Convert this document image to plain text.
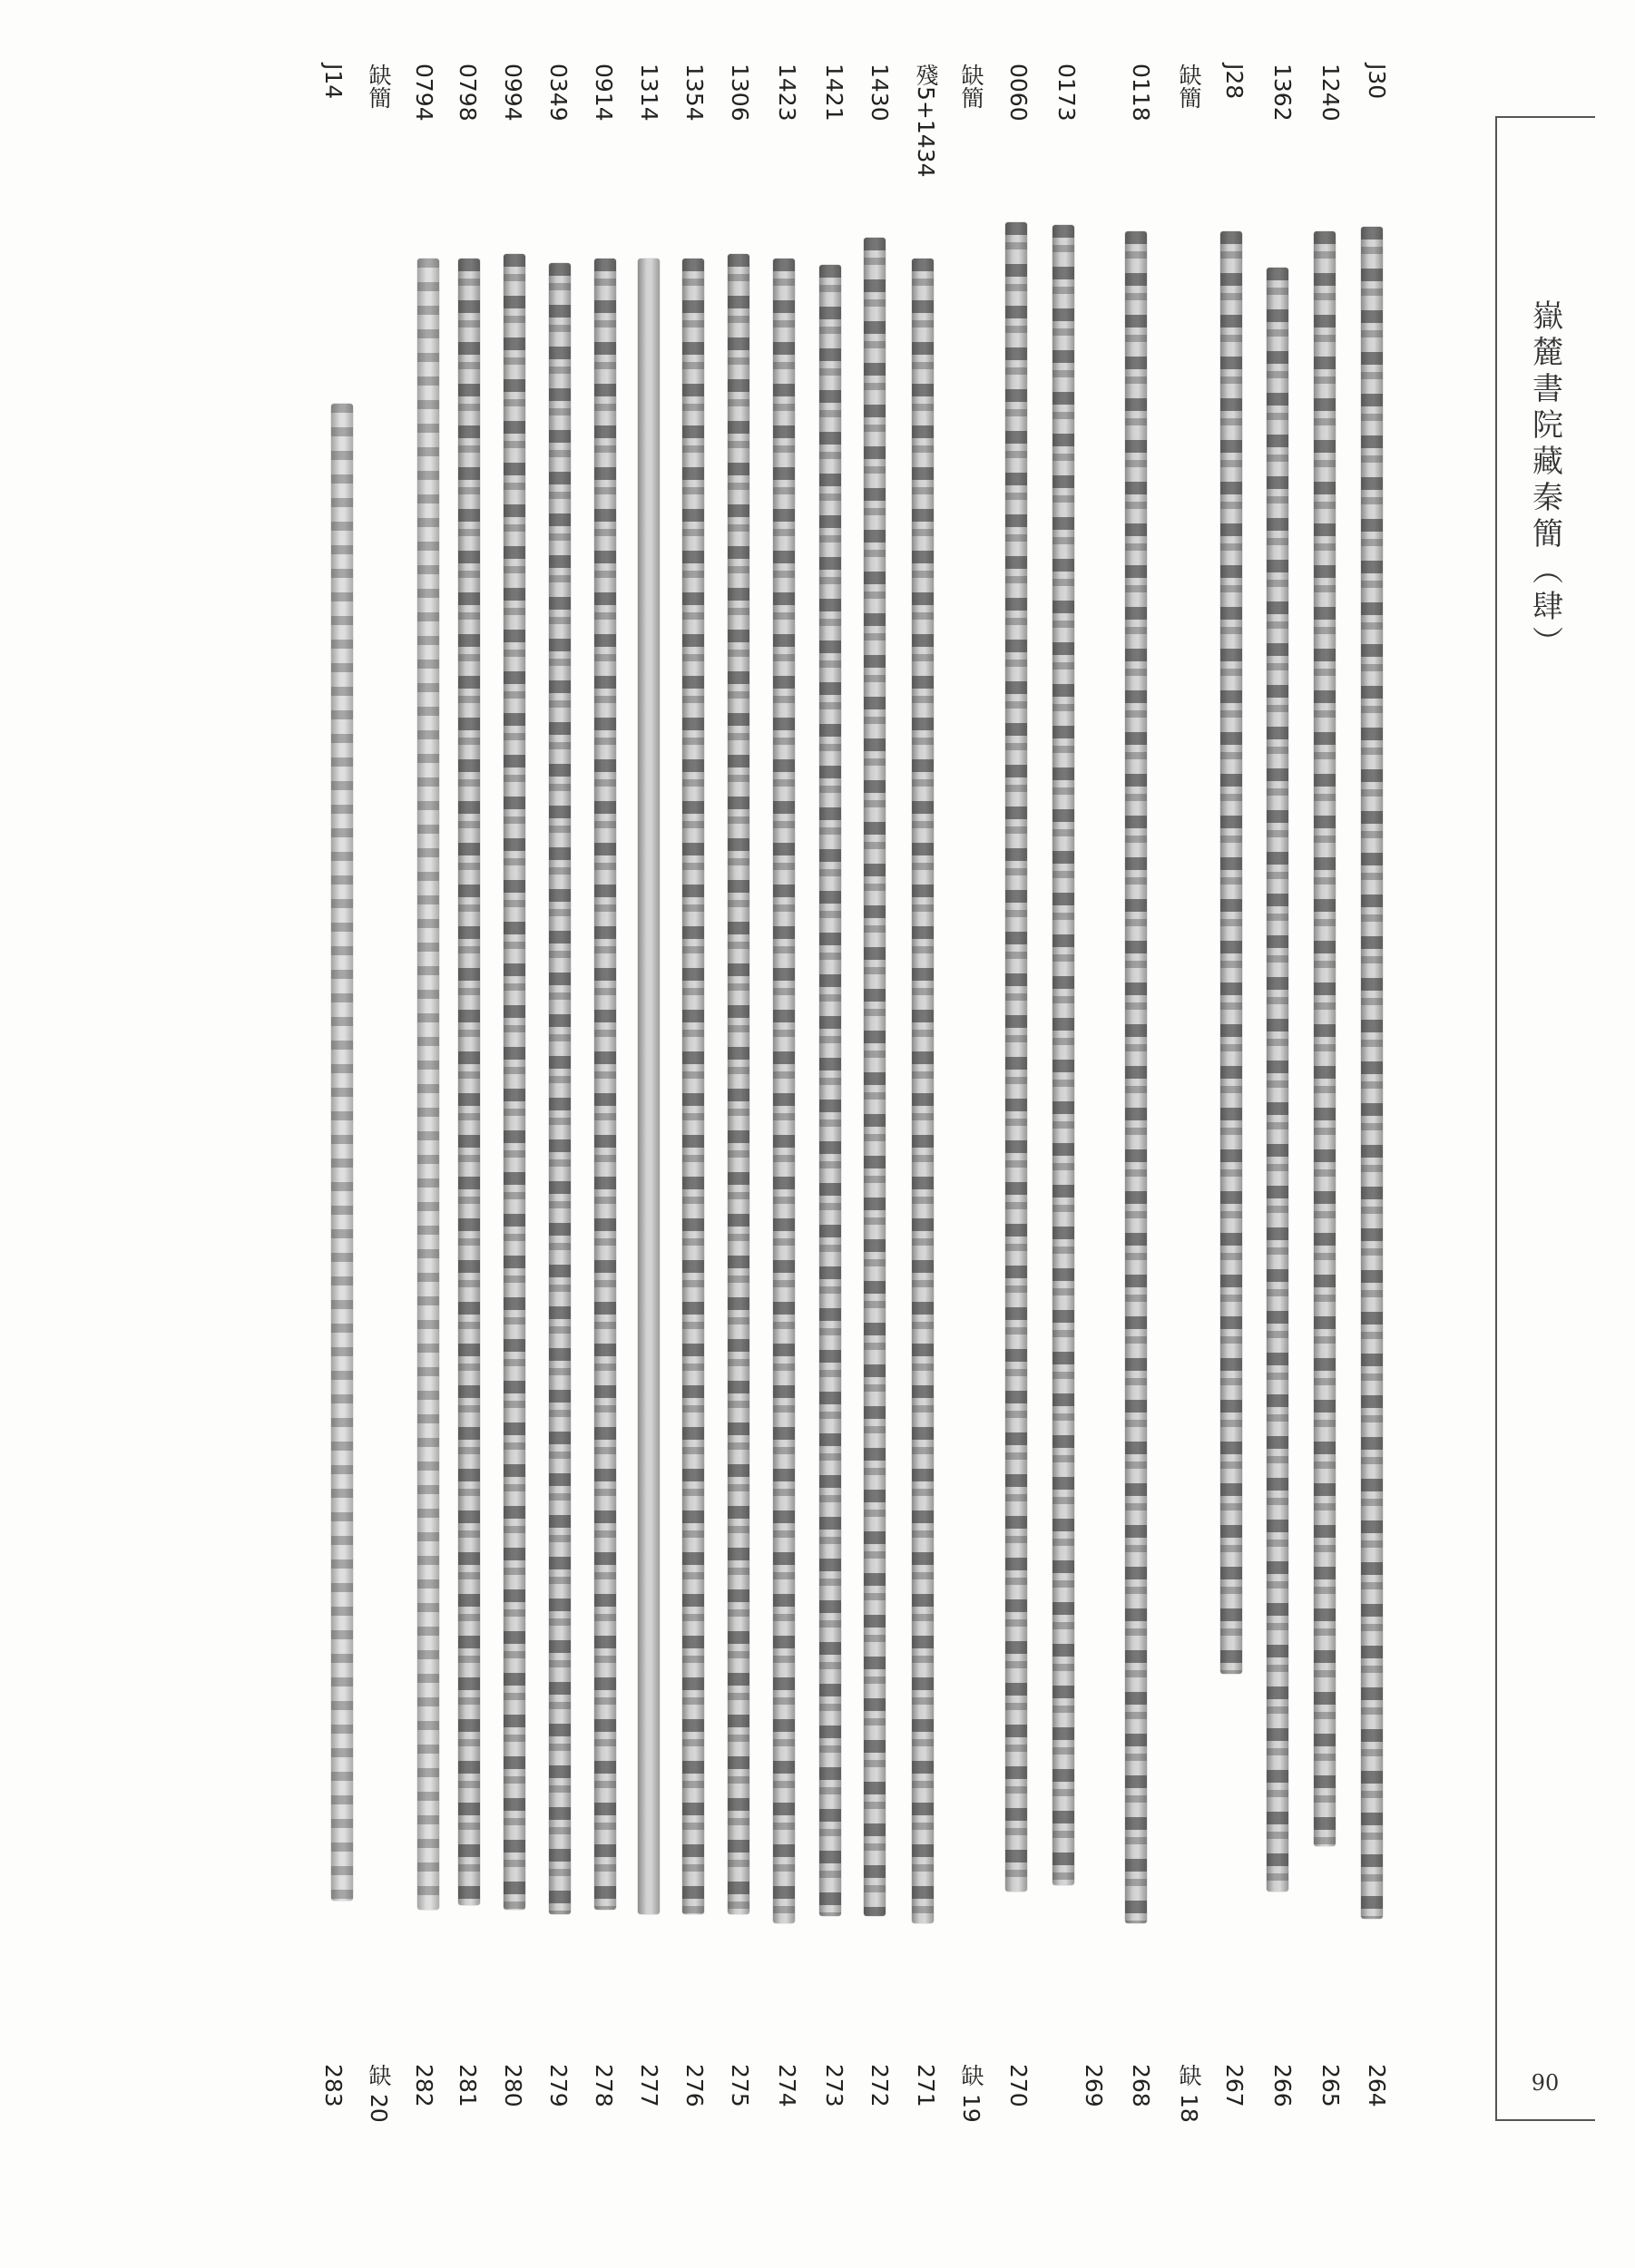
嶽麓書院藏秦簡（肆）
90
J30
264
1240
265
1362
266
J28
267
缺簡
缺 18
0118
268
0173
269
0060
270
缺簡
缺 19
殘5+1434
271
1430
272
1421
273
1423
274
1306
275
1354
276
1314
277
0914
278
0349
279
0994
280
0798
281
0794
282
缺簡
缺 20
J14
283
